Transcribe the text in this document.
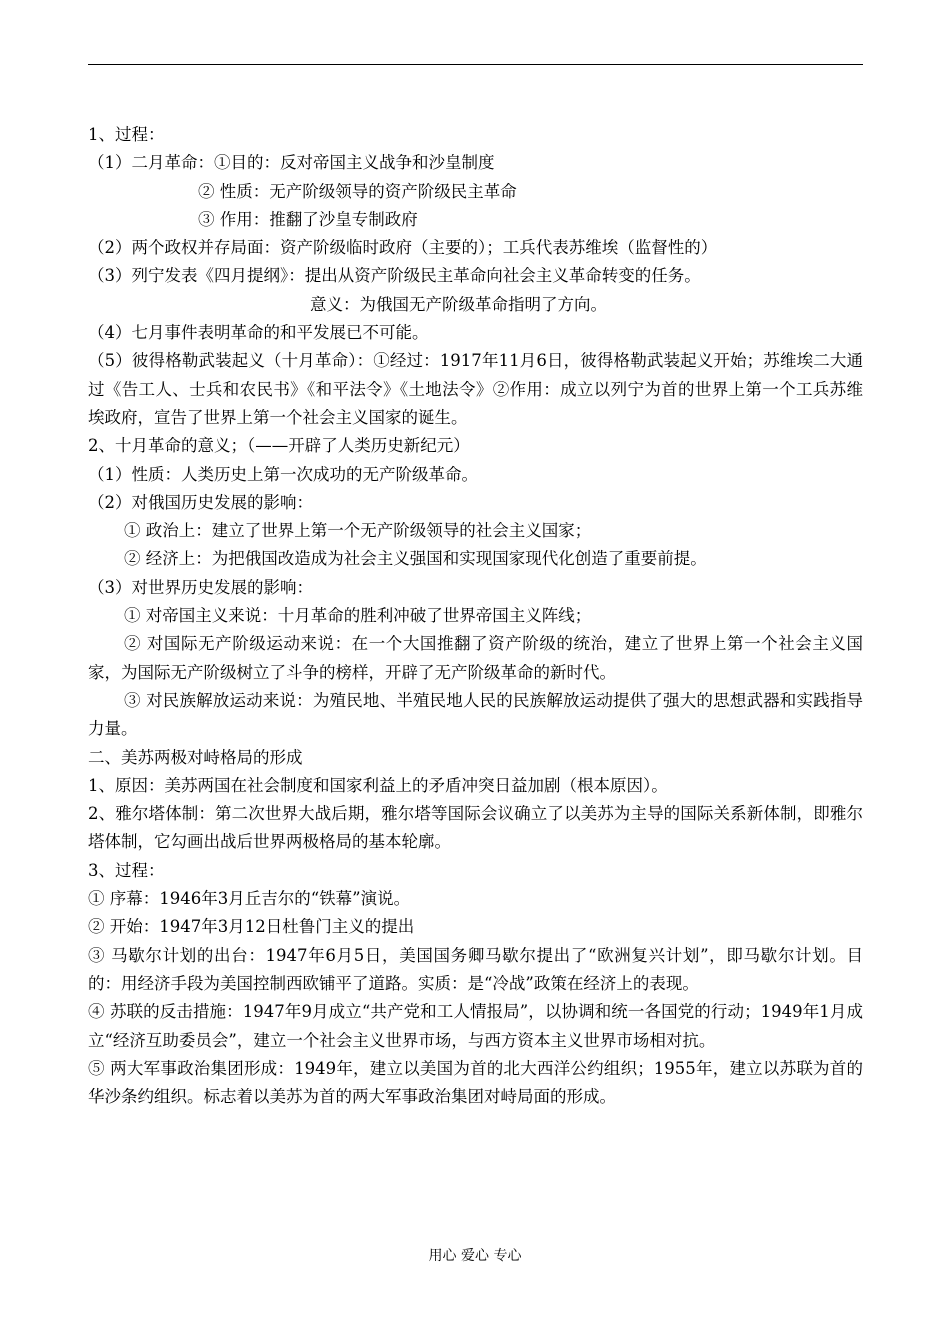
1、过程：
（1）二月革命：①目的：反对帝国主义战争和沙皇制度
② 性质：无产阶级领导的资产阶级民主革命
③ 作用：推翻了沙皇专制政府
（2）两个政权并存局面：资产阶级临时政府（主要的）；工兵代表苏维埃（监督性的）
（3）列宁发表《四月提纲》：提出从资产阶级民主革命向社会主义革命转变的任务。
意义：为俄国无产阶级革命指明了方向。
（4）七月事件表明革命的和平发展已不可能。
（5）彼得格勒武装起义（十月革命）：①经过：1917年11月6日，彼得格勒武装起义开始；苏维埃二大通过《告工人、士兵和农民书》《和平法令》《土地法令》②作用：成立以列宁为首的世界上第一个工兵苏维埃政府，宣告了世界上第一个社会主义国家的诞生。
2、十月革命的意义；（——开辟了人类历史新纪元）
（1）性质：人类历史上第一次成功的无产阶级革命。
（2）对俄国历史发展的影响：
① 政治上：建立了世界上第一个无产阶级领导的社会主义国家；
② 经济上：为把俄国改造成为社会主义强国和实现国家现代化创造了重要前提。
（3）对世界历史发展的影响：
① 对帝国主义来说：十月革命的胜利冲破了世界帝国主义阵线；
② 对国际无产阶级运动来说：在一个大国推翻了资产阶级的统治，建立了世界上第一个社会主义国家，为国际无产阶级树立了斗争的榜样，开辟了无产阶级革命的新时代。
③ 对民族解放运动来说：为殖民地、半殖民地人民的民族解放运动提供了强大的思想武器和实践指导力量。
二、美苏两极对峙格局的形成
1、原因：美苏两国在社会制度和国家利益上的矛盾冲突日益加剧（根本原因）。
2、雅尔塔体制：第二次世界大战后期，雅尔塔等国际会议确立了以美苏为主导的国际关系新体制，即雅尔塔体制，它勾画出战后世界两极格局的基本轮廓。
3、过程：
① 序幕：1946年3月丘吉尔的“铁幕”演说。
② 开始：1947年3月12日杜鲁门主义的提出
③ 马歇尔计划的出台：1947年6月5日，美国国务卿马歇尔提出了“欧洲复兴计划”，即马歇尔计划。目的：用经济手段为美国控制西欧铺平了道路。实质：是“冷战”政策在经济上的表现。
④ 苏联的反击措施：1947年9月成立“共产党和工人情报局”，以协调和统一各国党的行动；1949年1月成立“经济互助委员会”，建立一个社会主义世界市场，与西方资本主义世界市场相对抗。
⑤ 两大军事政治集团形成：1949年，建立以美国为首的北大西洋公约组织；1955年，建立以苏联为首的华沙条约组织。标志着以美苏为首的两大军事政治集团对峙局面的形成。
用心 爱心 专心
